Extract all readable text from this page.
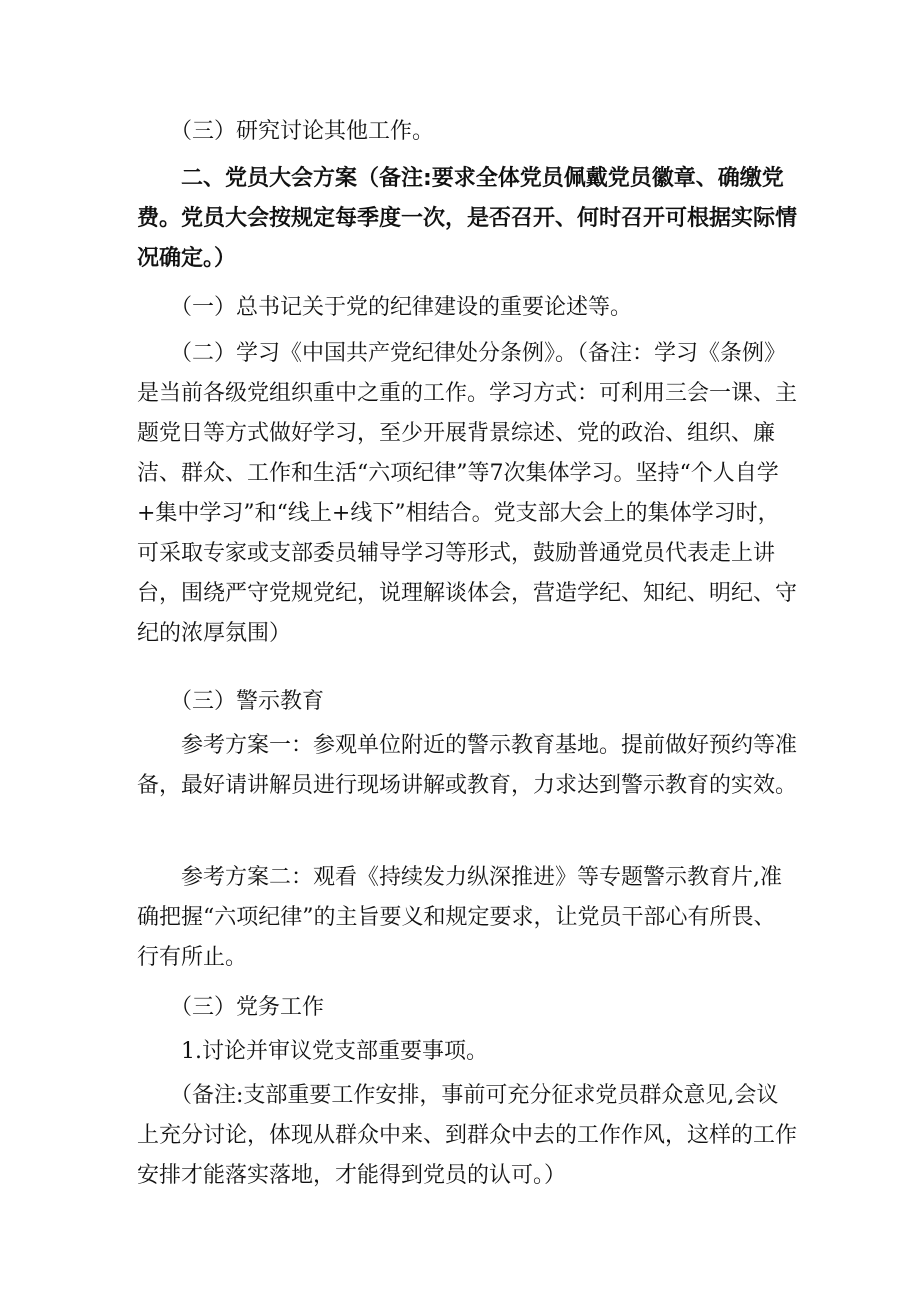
　　（三）研究讨论其他工作。

　　二、党员大会方案（备注:要求全体党员佩戴党员徽章、确缴党费。党员大会按规定每季度一次，是否召开、何时召开可根据实际情况确定。）

　　（一）总书记关于党的纪律建设的重要论述等。

　　（二）学习《中国共产党纪律处分条例》。（备注：学习《条例》是当前各级党组织重中之重的工作。学习方式：可利用三会一课、主题党日等方式做好学习，至少开展背景综述、党的政治、组织、廉洁、群众、工作和生活“六项纪律”等7次集体学习。坚持“个人自学+集中学习”和“线上+线下”相结合。党支部大会上的集体学习时，可采取专家或支部委员辅导学习等形式，鼓励普通党员代表走上讲台，围绕严守党规党纪，说理解谈体会，营造学纪、知纪、明纪、守纪的浓厚氛围）

　　（三）警示教育

　　参考方案一：参观单位附近的警示教育基地。提前做好预约等准备，最好请讲解员进行现场讲解或教育，力求达到警示教育的实效。

　　参考方案二：观看《持续发力纵深推进》等专题警示教育片,准确把握“六项纪律”的主旨要义和规定要求，让党员干部心有所畏、行有所止。

　　（三）党务工作

　　1.讨论并审议党支部重要事项。

　　（备注:支部重要工作安排，事前可充分征求党员群众意见,会议上充分讨论，体现从群众中来、到群众中去的工作作风，这样的工作安排才能落实落地，才能得到党员的认可。）
